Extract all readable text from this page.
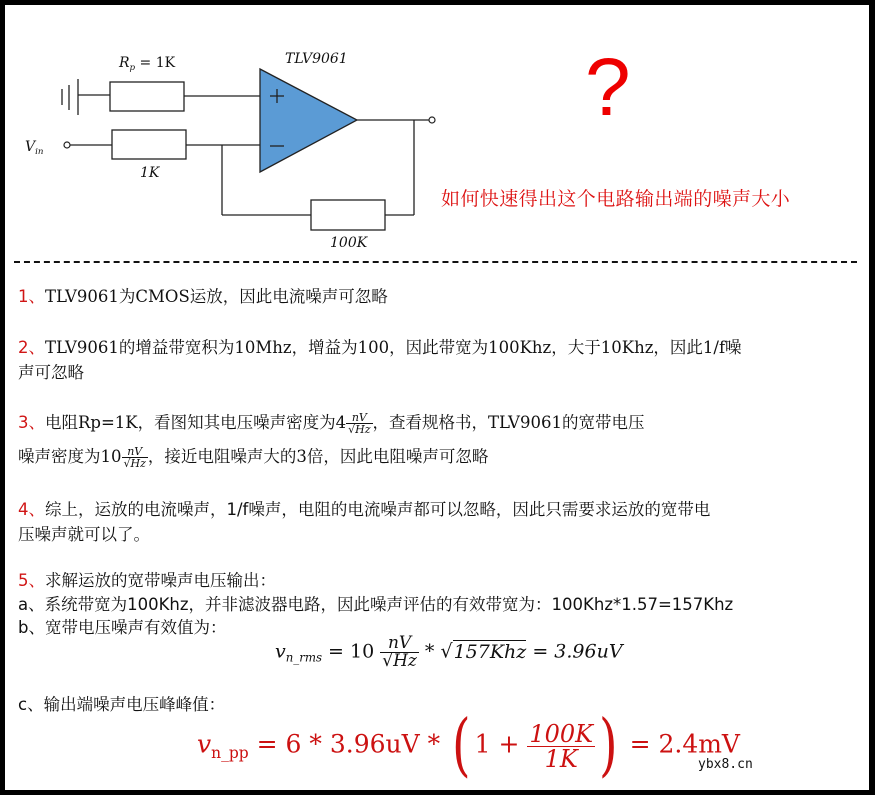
$R_p = 1K$	TLV9061
$V_{in}$
1K
100K
?
如何快速得出这个电路输出端的噪声大小
1、TLV9061为CMOS运放，因此电流噪声可忽略
2、TLV9061的增益带宽积为10Mhz，增益为100，因此带宽为100Khz，大于10Khz，因此1/f噪
声可忽略
3、电阻Rp=1K，看图知其电压噪声密度为$4 \frac{nV}{√Hz}$ ，查看规格书，TLV9061的宽带电压
噪声密度为$10 \frac{nV}{√Hz}$ ，接近电阻噪声大的3倍，因此电阻噪声可忽略
4、综上，运放的电流噪声，1/f噪声，电阻的电流噪声都可以忽略，因此只需要求运放的宽带电
压噪声就可以了。
5、求解运放的宽带噪声电压输出：
a、系统带宽为100Khz，并非滤波器电路，因此噪声评估的有效带宽为：100Khz*1.57=157Khz
b、宽带电压噪声有效值为：
$v_{n\_rms} = 10 \frac{nV}{√Hz} * √157Khz = 3.96uV$
c、输出端噪声电压峰峰值：
$v_{n\_pp} = 6 * 3.96uV$ * ( $1 + \frac{100K}{1K}$ ) = 2.4mV
ybx8.cn
